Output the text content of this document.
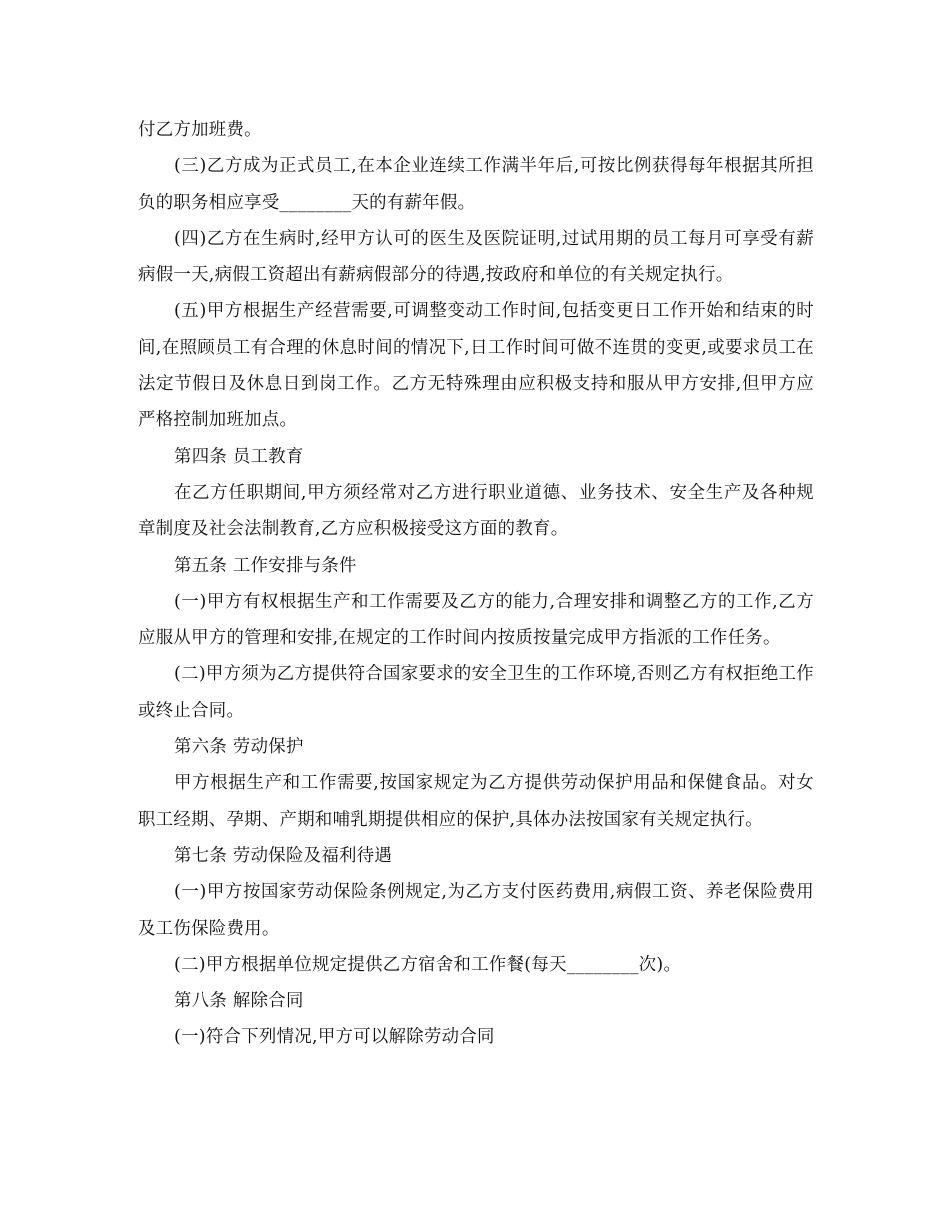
付乙方加班费。

(三)乙方成为正式员工,在本企业连续工作满半年后,可按比例获得每年根据其所担负的职务相应享受________天的有薪年假。

(四)乙方在生病时,经甲方认可的医生及医院证明,过试用期的员工每月可享受有薪病假一天,病假工资超出有薪病假部分的待遇,按政府和单位的有关规定执行。

(五)甲方根据生产经营需要,可调整变动工作时间,包括变更日工作开始和结束的时间,在照顾员工有合理的休息时间的情况下,日工作时间可做不连贯的变更,或要求员工在法定节假日及休息日到岗工作。乙方无特殊理由应积极支持和服从甲方安排,但甲方应严格控制加班加点。

第四条 员工教育

在乙方任职期间,甲方须经常对乙方进行职业道德、业务技术、安全生产及各种规章制度及社会法制教育,乙方应积极接受这方面的教育。

第五条 工作安排与条件

(一)甲方有权根据生产和工作需要及乙方的能力,合理安排和调整乙方的工作,乙方应服从甲方的管理和安排,在规定的工作时间内按质按量完成甲方指派的工作任务。

(二)甲方须为乙方提供符合国家要求的安全卫生的工作环境,否则乙方有权拒绝工作或终止合同。

第六条 劳动保护

甲方根据生产和工作需要,按国家规定为乙方提供劳动保护用品和保健食品。对女职工经期、孕期、产期和哺乳期提供相应的保护,具体办法按国家有关规定执行。

第七条 劳动保险及福利待遇

(一)甲方按国家劳动保险条例规定,为乙方支付医药费用,病假工资、养老保险费用及工伤保险费用。

(二)甲方根据单位规定提供乙方宿舍和工作餐(每天________次)。

第八条 解除合同

(一)符合下列情况,甲方可以解除劳动合同
